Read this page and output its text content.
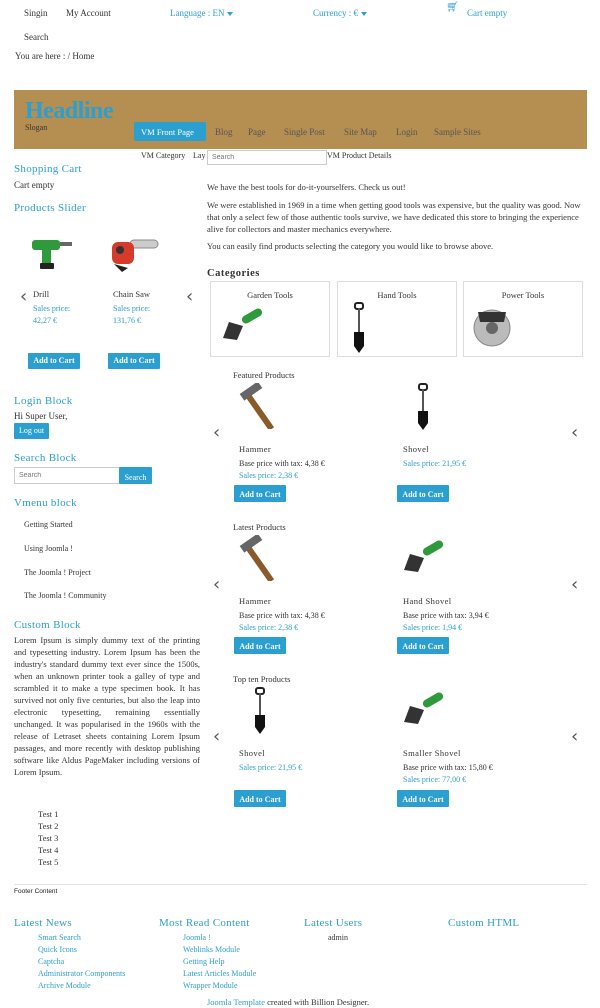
Singin My Account	Language : EN	Currency : €	🛒︎ Cart empty
Search
You are here : / Home
Headline
Slogan	VM Front Page Blog Page Single Post Site Map Login Sample Sites
VM Category Lay
Search	VM Product Details
Shopping Cart
Cart empty
Products Slider
‹	‹
Drill
Sales price:
42,27 €
Add to Cart
Chain Saw
Sales price:
131,76 €
Add to Cart
Login Block
Hi Super User,
Log out
Search Block
Search
Search
Vmenu block
Getting Started
Using Joomla !
The Joomla ! Project
The Joomla ! Community
Custom Block
Lorem Ipsum is simply dummy text of the printing and typesetting industry. Lorem Ipsum has been the industry's standard dummy text ever since the 1500s, when an unknown printer took a galley of type and scrambled it to make a type specimen book. It has survived not only five centuries, but also the leap into electronic typesetting, remaining essentially unchanged. It was popularised in the 1960s with the release of Letraset sheets containing Lorem Ipsum passages, and more recently with desktop publishing software like Aldus PageMaker including versions of Lorem Ipsum.
Test 1
Test 2
Test 3
Test 4
Test 5
We have the best tools for do-it-yourselfers. Check us out!
We were established in 1969 in a time when getting good tools was expensive, but the quality was good. Now that only a select few of those authentic tools survive, we have dedicated this store to bringing the experience alive for collectors and master mechanics everywhere.
You can easily find products selecting the category you would like to browse above.
Categories
Garden Tools	Hand Tools	Power Tools
Featured Products
‹	‹
Hammer
Base price with tax: 4,38 €
Sales price: 2,38 €
Add to Cart
Shovel
Sales price: 21,95 €
Add to Cart
Latest Products
‹	‹
Hammer
Base price with tax: 4,38 €
Sales price: 2,38 €
Add to Cart
Hand Shovel
Base price with tax: 3,94 €
Sales price: 1,94 €
Add to Cart
Top ten Products
‹	‹
Shovel
Sales price: 21,95 €
Add to Cart
Smaller Shovel
Base price with tax: 15,80 €
Sales price: 77,00 €
Add to Cart
Footer Content
Latest News
Smart Search
Quick Icons
Captcha
Administrator Components
Archive Module
Most Read Content
Joomla !
Weblinks Module
Getting Help
Latest Articles Module
Wrapper Module
Latest Users
admin
Custom HTML
Joomla Template created with Billion Designer.
